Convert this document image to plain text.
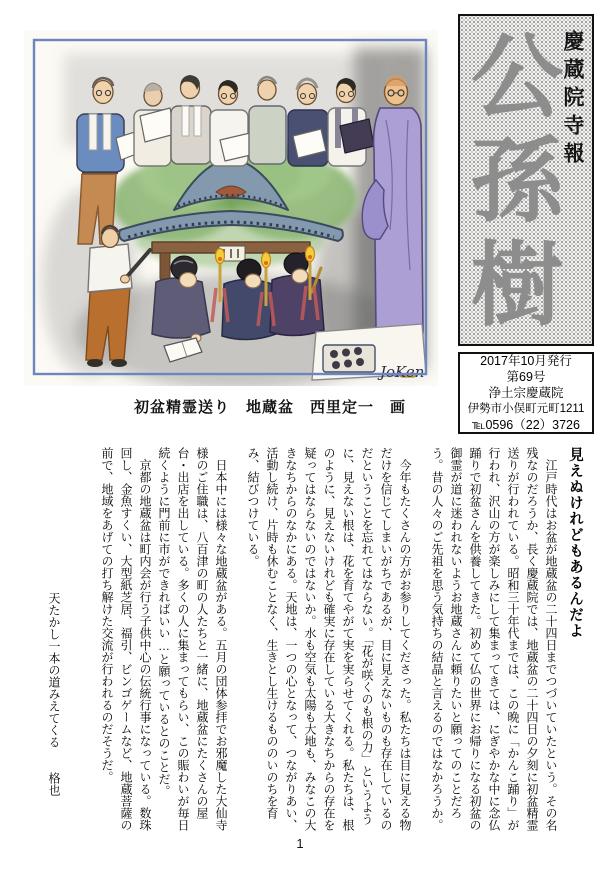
JoKen
初盆精霊送り　地蔵盆　西里定一　画
慶蔵院寺報
公孫樹
2017年10月発行
第69号
浄土宗慶蔵院
伊勢市小俣町元町1211
℡0596（22）3726
見えぬけれどもあるんだよ

　江戸時代はお盆が地蔵盆の二十四日までつづいていたという。その名残なのだろうか、長く慶蔵院では、地蔵盆の二十四日の夕刻に初盆精霊送りが行われている。昭和三十年代までは、この晩に「かんこ踊り」が行われ、沢山の方が楽しみにして集まってきては、にぎやかな中に念仏踊りで初盆さんを供養してきた。初めて仏の世界にお帰りになる初盆の御霊が道に迷われないようお地蔵さんに頼りたいと願ってのことだろう。昔の人々のご先祖を思う気持ちの結晶と言えるのではなかろうか。

　今年もたくさんの方がお参りしてくださった。私たちは目に見える物だけを信じてしまいがちであるが、目に見えないものも存在しているのだということを忘れてはならない。「花が咲くのも根の力」というように、見えない根は、花を育てやがて実を実らせてくれる。私たちは、根のように、見えないけれども確実に存在している大きなちからの存在を疑ってはならないのではないか。水も空気も太陽も大地も、みなこの大きなちからのなかにある。天地は、一つの心となって、つながりあい、活動し続け、片時も休むことなく、生きとし生けるもののいのちを育み、結びつけている。

　日本中には様々な地蔵盆がある。五月の団体参拝でお邪魔した大仙寺様のご住職は、八百津の町の人たちと一緒に、地蔵盆にたくさんの屋台・出店を出している。多くの人に集まってもらい、この賑わいが毎日続くように門前に市ができればいい…と願っているとのことだ。

　京都の地蔵盆は町内会が行う子供中心の伝統行事になっている。数珠回し、金魚すくい、大型紙芝居、福引、ビンゴゲームなど、地蔵菩薩の前で、地域をあげての打ち解けた交流が行われるのだそうだ。

天たかし一本の道みえてくる　　格也

1
